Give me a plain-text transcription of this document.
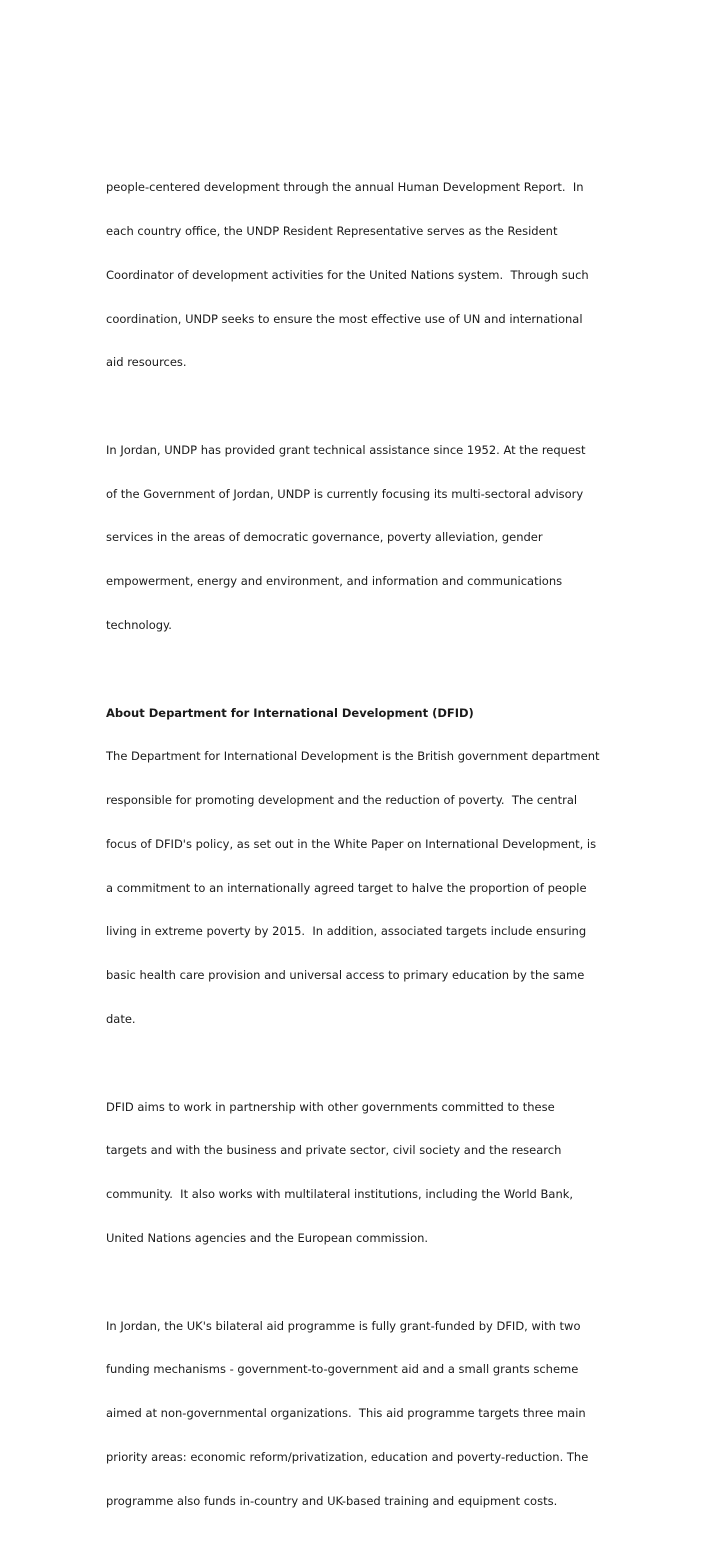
people-centered development through the annual Human Development Report.  In

each country office, the UNDP Resident Representative serves as the Resident

Coordinator of development activities for the United Nations system.  Through such

coordination, UNDP seeks to ensure the most effective use of UN and international

aid resources.

In Jordan, UNDP has provided grant technical assistance since 1952. At the request

of the Government of Jordan, UNDP is currently focusing its multi-sectoral advisory

services in the areas of democratic governance, poverty alleviation, gender

empowerment, energy and environment, and information and communications

technology.

About Department for International Development (DFID)

The Department for International Development is the British government department

responsible for promoting development and the reduction of poverty.  The central

focus of DFID's policy, as set out in the White Paper on International Development, is

a commitment to an internationally agreed target to halve the proportion of people

living in extreme poverty by 2015.  In addition, associated targets include ensuring

basic health care provision and universal access to primary education by the same

date.

DFID aims to work in partnership with other governments committed to these

targets and with the business and private sector, civil society and the research

community.  It also works with multilateral institutions, including the World Bank,

United Nations agencies and the European commission.

In Jordan, the UK's bilateral aid programme is fully grant-funded by DFID, with two

funding mechanisms - government-to-government aid and a small grants scheme

aimed at non-governmental organizations.  This aid programme targets three main

priority areas: economic reform/privatization, education and poverty-reduction. The

programme also funds in-country and UK-based training and equipment costs.
